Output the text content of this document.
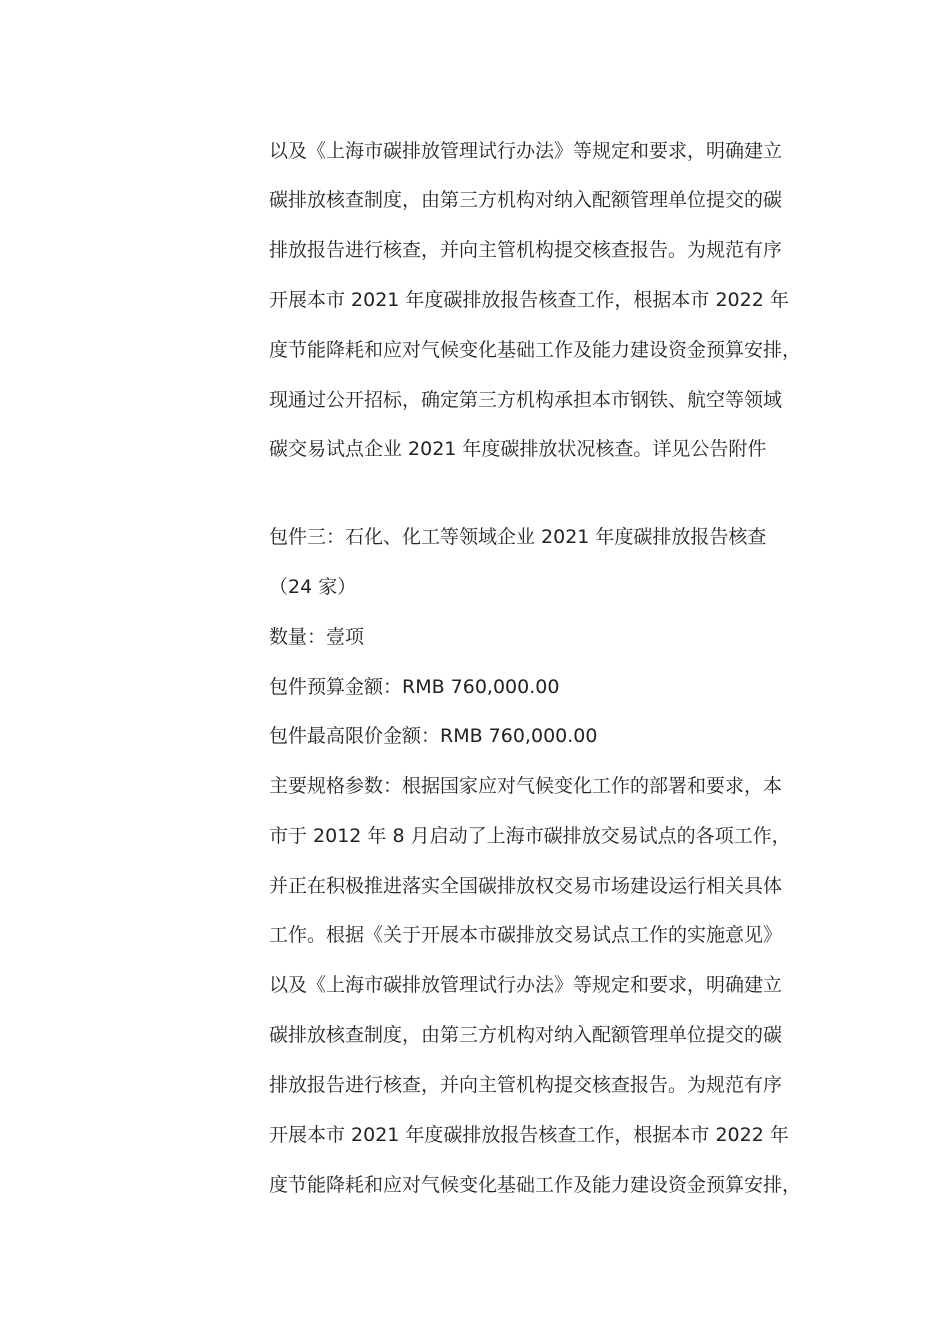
以及《上海市碳排放管理试行办法》等规定和要求，明确建立
碳排放核查制度，由第三方机构对纳入配额管理单位提交的碳
排放报告进行核查，并向主管机构提交核查报告。为规范有序
开展本市 2021 年度碳排放报告核查工作，根据本市 2022 年
度节能降耗和应对气候变化基础工作及能力建设资金预算安排，
现通过公开招标，确定第三方机构承担本市钢铁、航空等领域
碳交易试点企业 2021 年度碳排放状况核查。详见公告附件
包件三：石化、化工等领域企业 2021 年度碳排放报告核查
（24 家）
数量：壹项
包件预算金额：RMB 760,000.00
包件最高限价金额：RMB 760,000.00
主要规格参数：根据国家应对气候变化工作的部署和要求，本
市于 2012 年 8 月启动了上海市碳排放交易试点的各项工作，
并正在积极推进落实全国碳排放权交易市场建设运行相关具体
工作。根据《关于开展本市碳排放交易试点工作的实施意见》
以及《上海市碳排放管理试行办法》等规定和要求，明确建立
碳排放核查制度，由第三方机构对纳入配额管理单位提交的碳
排放报告进行核查，并向主管机构提交核查报告。为规范有序
开展本市 2021 年度碳排放报告核查工作，根据本市 2022 年
度节能降耗和应对气候变化基础工作及能力建设资金预算安排，
